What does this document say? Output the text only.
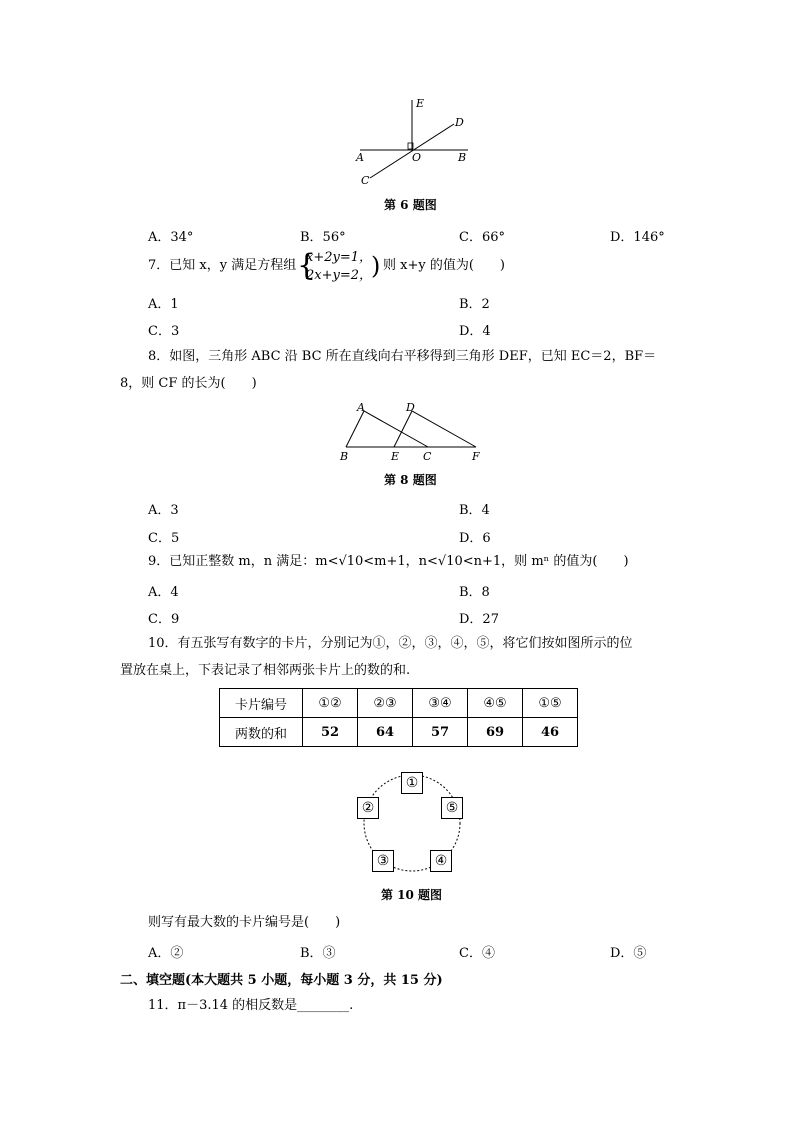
E
D
A	O	B
C
第 6 题图
A．34°	B．56°	C．66°	D．146°
7．已知 x，y 满足方程组 {
x+2y=1，
2x+y=2，
) 则 x+y 的值为(　　)
A．1	B．2
C．3	D．4
8．如图，三角形 ABC 沿 BC 所在直线向右平移得到三角形 DEF，已知 EC＝2，BF＝
8，则 CF 的长为(　　)
A	D
B	E C	F
第 8 题图
A．3	B．4
C．5	D．6
9．已知正整数 m，n 满足：m<√10<m+1，n<√10<n+1，则 mⁿ 的值为(　　)
A．4	B．8
C．9	D．27
10．有五张写有数字的卡片，分别记为①，②，③，④，⑤，将它们按如图所示的位
置放在桌上，下表记录了相邻两张卡片上的数的和.
卡片编号	①②	②③	③④	④⑤	①⑤
两数的和	52	64	57	69	46
①
②	⑤
③	④
第 10 题图
则写有最大数的卡片编号是(　　)
A．②	B．③	C．④	D．⑤
二、填空题(本大题共 5 小题，每小题 3 分，共 15 分)
11．π－3.14 的相反数是________.
